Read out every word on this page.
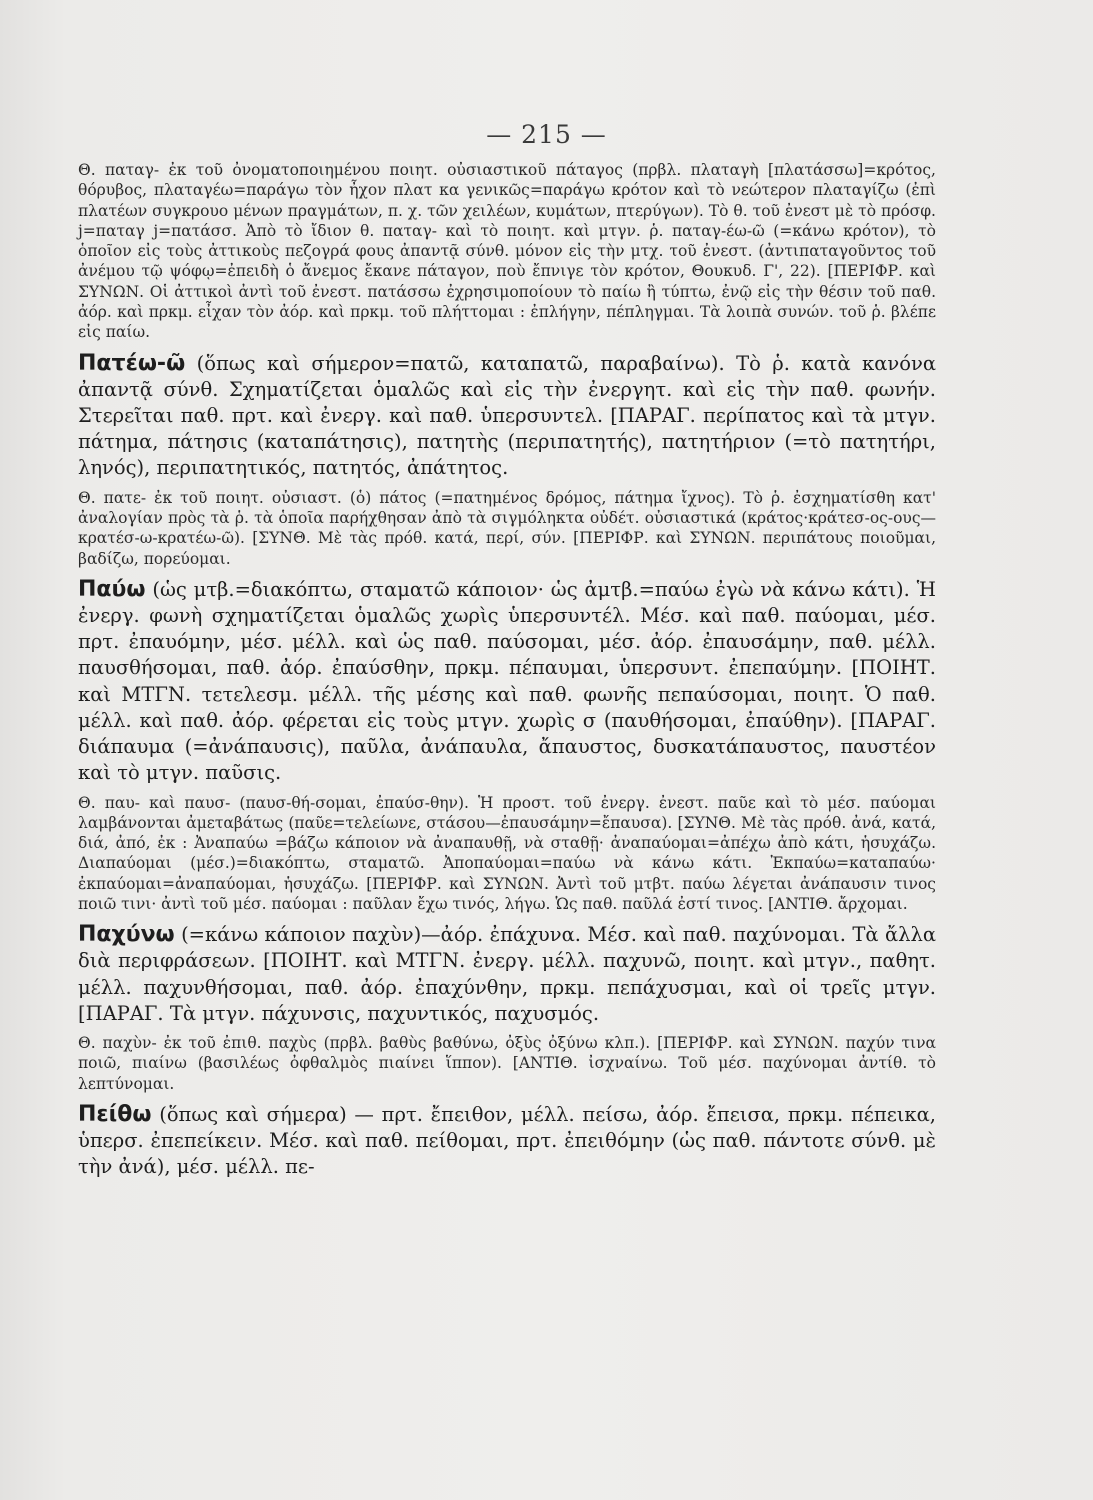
— 215 —

Θ. παταγ- ἐκ τοῦ ὀνοματοποιημένου ποιητ. οὐσιαστικοῦ πάταγος (πρβλ. πλαταγὴ [πλατάσσω]=κρότος, θόρυβος, πλαταγέω=παράγω τὸν ἦχον πλατ κα γενικῶς=παράγω κρότον καὶ τὸ νεώτερον πλαταγίζω (ἐπὶ πλατέων συγκρουο μένων πραγμάτων, π. χ. τῶν χειλέων, κυμάτων, πτερύγων). Τὸ θ. τοῦ ἐνεστ μὲ τὸ πρόσφ. j=παταγ j=πατάσσ. Ἀπὸ τὸ ἴδιον θ. παταγ- καὶ τὸ ποιητ. καὶ μτγν. ῥ. παταγ-έω-ῶ (=κάνω κρότον), τὸ ὁποῖον εἰς τοὺς ἀττικοὺς πεζογρά φους ἀπαντᾷ σύνθ. μόνον εἰς τὴν μτχ. τοῦ ἐνεστ. (ἀντιπαταγοῦντος τοῦ ἀνέμου τῷ ψόφῳ=ἐπειδὴ ὁ ἄνεμος ἔκανε πάταγον, ποὺ ἔπνιγε τὸν κρότον, Θουκυδ. Γ', 22). [ΠΕΡΙΦΡ. καὶ ΣΥΝΩΝ. Οἱ ἀττικοὶ ἀντὶ τοῦ ἐνεστ. πατάσσω ἐχρησιμοποίουν τὸ παίω ἢ τύπτω, ἐνῷ εἰς τὴν θέσιν τοῦ παθ. ἀόρ. καὶ πρκμ. εἶχαν τὸν ἀόρ. καὶ πρκμ. τοῦ πλήττομαι : ἐπλήγην, πέπληγμαι. Τὰ λοιπὰ συνών. τοῦ ῥ. βλέπε εἰς παίω.

Πατέω-ῶ (ὅπως καὶ σήμερον=πατῶ, καταπατῶ, παραβαίνω). Τὸ ῥ. κατὰ κανόνα ἀπαντᾷ σύνθ. Σχηματίζεται ὁμαλῶς καὶ εἰς τὴν ἐνεργητ. καὶ εἰς τὴν παθ. φωνήν. Στερεῖται παθ. πρτ. καὶ ἐνεργ. καὶ παθ. ὑπερσυντελ. [ΠΑΡΑΓ. περίπατος καὶ τὰ μτγν. πάτημα, πάτησις (καταπάτησις), πατητὴς (περιπατητής), πατητήριον (=τὸ πατητήρι, ληνός), περιπατητικός, πατητός, ἀπάτητος.

Θ. πατε- ἐκ τοῦ ποιητ. οὐσιαστ. (ὁ) πάτος (=πατημένος δρόμος, πάτημα ἴχνος). Τὸ ῥ. ἐσχηματίσθη κατ' ἀναλογίαν πρὸς τὰ ῥ. τὰ ὁποῖα παρήχθησαν ἀπὸ τὰ σιγμόληκτα οὐδέτ. οὐσιαστικά (κράτος·κράτεσ-ος-ους—κρατέσ-ω-κρατέω-ῶ). [ΣΥΝΘ. Μὲ τὰς πρόθ. κατά, περί, σύν. [ΠΕΡΙΦΡ. καὶ ΣΥΝΩΝ. περιπάτους ποιοῦμαι, βαδίζω, πορεύομαι.

Παύω (ὡς μτβ.=διακόπτω, σταματῶ κάποιον· ὡς ἀμτβ.=παύω ἐγὼ νὰ κάνω κάτι). Ἡ ἐνεργ. φωνὴ σχηματίζεται ὁμαλῶς χωρὶς ὑπερσυντέλ. Μέσ. καὶ παθ. παύομαι, μέσ. πρτ. ἐπαυόμην, μέσ. μέλλ. καὶ ὡς παθ. παύσομαι, μέσ. ἀόρ. ἐπαυσάμην, παθ. μέλλ. παυσθήσομαι, παθ. ἀόρ. ἐπαύσθην, πρκμ. πέπαυμαι, ὑπερσυντ. ἐπεπαύμην. [ΠΟΙΗΤ. καὶ ΜΤΓΝ. τετελεσμ. μέλλ. τῆς μέσης καὶ παθ. φωνῆς πεπαύσομαι, ποιητ. Ὁ παθ. μέλλ. καὶ παθ. ἀόρ. φέρεται εἰς τοὺς μτγν. χωρὶς σ (παυθήσομαι, ἐπαύθην). [ΠΑΡΑΓ. διάπαυμα (=ἀνάπαυσις), παῦλα, ἀνάπαυλα, ἄπαυστος, δυσκατάπαυστος, παυστέον καὶ τὸ μτγν. παῦσις.

Θ. παυ- καὶ παυσ- (παυσ-θή-σομαι, ἐπαύσ-θην). Ἡ προστ. τοῦ ἐνεργ. ἐνεστ. παῦε καὶ τὸ μέσ. παύομαι λαμβάνονται ἀμεταβάτως (παῦε=τελείωνε, στάσου—ἐπαυσάμην=ἔπαυσα). [ΣΥΝΘ. Μὲ τὰς πρόθ. ἀνά, κατά, διά, ἀπό, ἐκ : Ἀναπαύω =βάζω κάποιον νὰ ἀναπαυθῇ, νὰ σταθῇ· ἀναπαύομαι=ἀπέχω ἀπὸ κάτι, ἡσυχάζω. Διαπαύομαι (μέσ.)=διακόπτω, σταματῶ. Ἀποπαύομαι=παύω νὰ κάνω κάτι. Ἐκπαύω=καταπαύω· ἐκπαύομαι=ἀναπαύομαι, ἡσυχάζω. [ΠΕΡΙΦΡ. καὶ ΣΥΝΩΝ. Ἀντὶ τοῦ μτβτ. παύω λέγεται ἀνάπαυσιν τινος ποιῶ τινι· ἀντὶ τοῦ μέσ. παύομαι : παῦλαν ἔχω τινός, λήγω. Ὡς παθ. παῦλά ἐστί τινος. [ΑΝΤΙΘ. ἄρχομαι.

Παχύνω (=κάνω κάποιον παχὺν)—ἀόρ. ἐπάχυνα. Μέσ. καὶ παθ. παχύνομαι. Τὰ ἄλλα διὰ περιφράσεων. [ΠΟΙΗΤ. καὶ ΜΤΓΝ. ἐνεργ. μέλλ. παχυνῶ, ποιητ. καὶ μτγν., παθητ. μέλλ. παχυνθήσομαι, παθ. ἀόρ. ἐπαχύνθην, πρκμ. πεπάχυσμαι, καὶ οἱ τρεῖς μτγν. [ΠΑΡΑΓ. Τὰ μτγν. πάχυνσις, παχυντικός, παχυσμός.

Θ. παχὺν- ἐκ τοῦ ἐπιθ. παχὺς (πρβλ. βαθὺς βαθύνω, ὀξὺς ὀξύνω κλπ.). [ΠΕΡΙΦΡ. καὶ ΣΥΝΩΝ. παχύν τινα ποιῶ, πιαίνω (βασιλέως ὀφθαλμὸς πιαίνει ἵππον). [ΑΝΤΙΘ. ἰσχναίνω. Τοῦ μέσ. παχύνομαι ἀντίθ. τὸ λεπτύνομαι.

Πείθω (ὅπως καὶ σήμερα) — πρτ. ἔπειθον, μέλλ. πείσω, ἀόρ. ἔπεισα, πρκμ. πέπεικα, ὑπερσ. ἐπεπείκειν. Μέσ. καὶ παθ. πείθομαι, πρτ. ἐπειθόμην (ὡς παθ. πάντοτε σύνθ. μὲ τὴν ἀνά), μέσ. μέλλ. πε-
